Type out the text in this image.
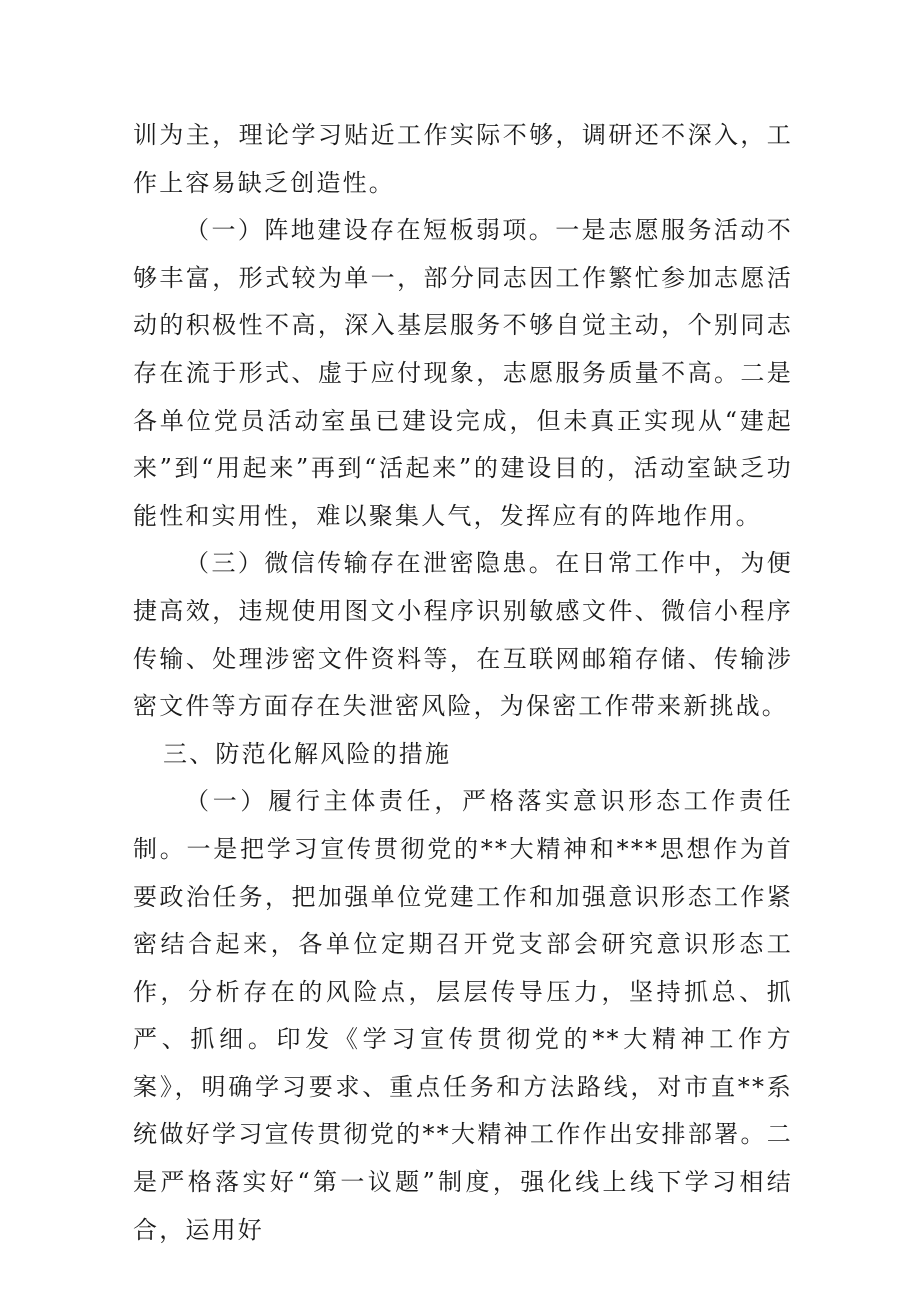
训为主，理论学习贴近工作实际不够，调研还不深入，工作上容易缺乏创造性。

（一）阵地建设存在短板弱项。一是志愿服务活动不够丰富，形式较为单一，部分同志因工作繁忙参加志愿活动的积极性不高，深入基层服务不够自觉主动，个别同志存在流于形式、虚于应付现象，志愿服务质量不高。二是各单位党员活动室虽已建设完成，但未真正实现从“建起来”到“用起来”再到“活起来”的建设目的，活动室缺乏功能性和实用性，难以聚集人气，发挥应有的阵地作用。

（三）微信传输存在泄密隐患。在日常工作中，为便捷高效，违规使用图文小程序识别敏感文件、微信小程序传输、处理涉密文件资料等，在互联网邮箱存储、传输涉密文件等方面存在失泄密风险，为保密工作带来新挑战。

三、防范化解风险的措施

（一）履行主体责任，严格落实意识形态工作责任制。一是把学习宣传贯彻党的**大精神和***思想作为首要政治任务，把加强单位党建工作和加强意识形态工作紧密结合起来，各单位定期召开党支部会研究意识形态工作，分析存在的风险点，层层传导压力，坚持抓总、抓严、抓细。印发《学习宣传贯彻党的**大精神工作方案》，明确学习要求、重点任务和方法路线，对市直**系统做好学习宣传贯彻党的**大精神工作作出安排部署。二是严格落实好“第一议题”制度，强化线上线下学习相结合，运用好
